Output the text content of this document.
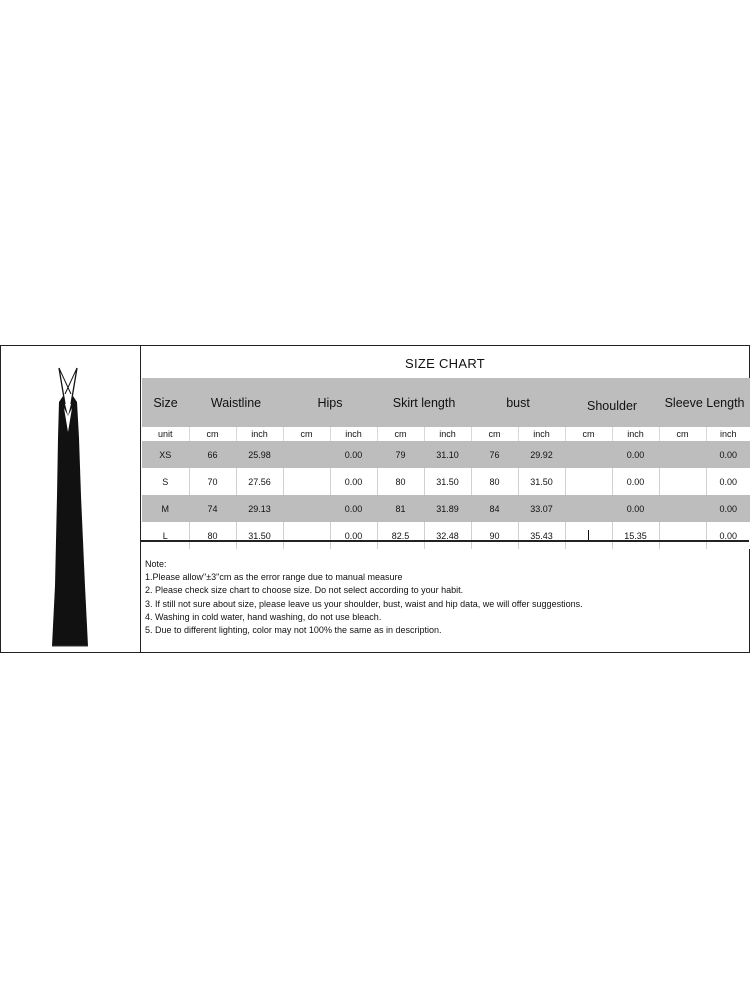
SIZE CHART
Size	Waistline		Hips		Skirt length		bust		Shoulder		Sleeve Length	
unit	cm	inch	cm	inch	cm	inch	cm	inch	cm	inch	cm	inch
XS	66	25.98		0.00	79	31.10	76	29.92		0.00		0.00
S	70	27.56		0.00	80	31.50	80	31.50		0.00		0.00
M	74	29.13		0.00	81	31.89	84	33.07		0.00		0.00
L	80	31.50		0.00	82.5	32.48	90	35.43		15.35		0.00
Note:
1.Please allow"±3"cm as the error range due to manual measure
2. Please check size chart to choose size. Do not select according to your habit.
3. If still not sure about size, please leave us your shoulder, bust, waist and hip data, we will offer suggestions.
4. Washing in cold water, hand washing, do not use bleach.
5. Due to different lighting, color may not 100% the same as in description.
